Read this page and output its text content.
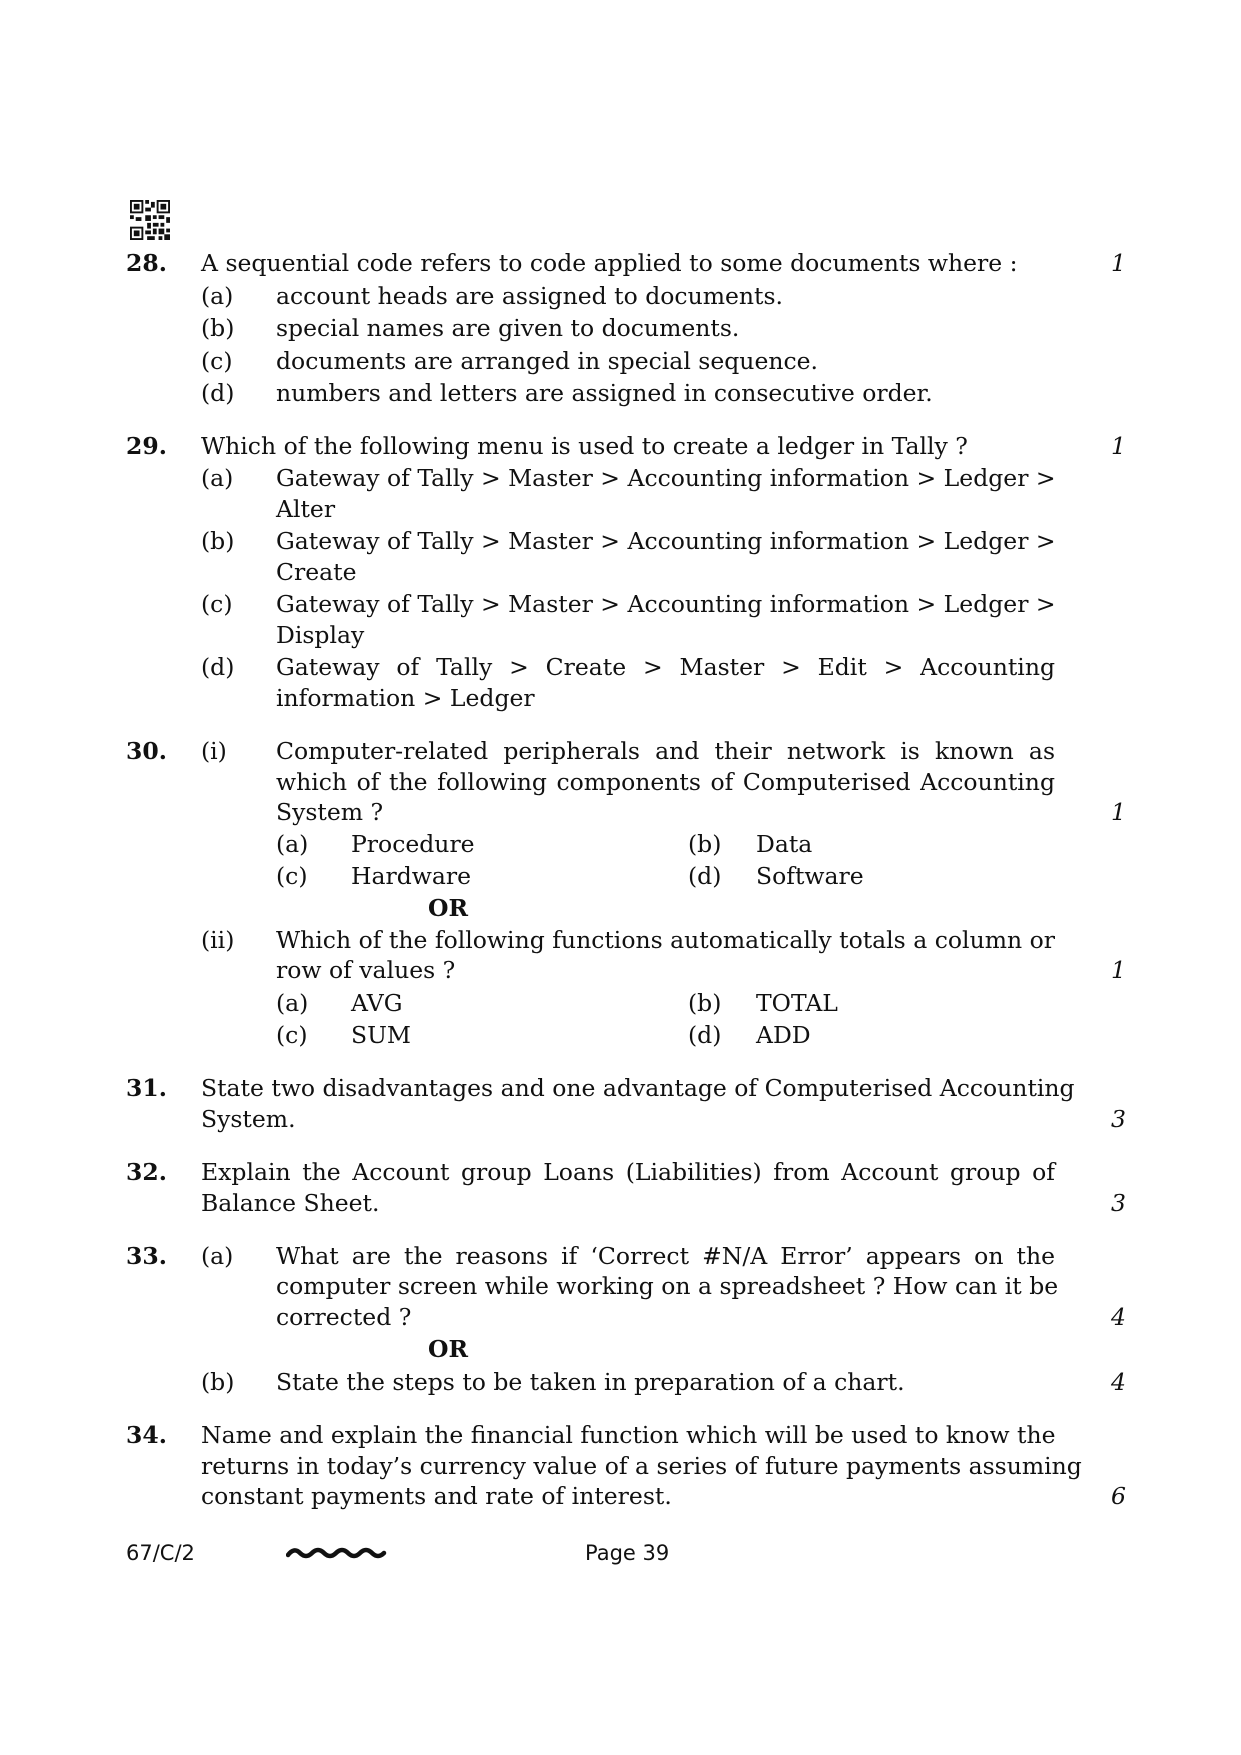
28. A sequential code refers to code applied to some documents where :	1
(a) account heads are assigned to documents.
(b) special names are given to documents.
(c) documents are arranged in special sequence.
(d) numbers and letters are assigned in consecutive order.
29. Which of the following menu is used to create a ledger in Tally ?	1
(a) Gateway of Tally > Master > Accounting information > Ledger >
Alter
(b) Gateway of Tally > Master > Accounting information > Ledger >
Create
(c) Gateway of Tally > Master > Accounting information > Ledger >
Display
(d) Gateway of Tally > Create > Master > Edit > Accounting
information > Ledger
30. (i) Computer-related peripherals and their network is known as
which of the following components of Computerised Accounting
System ?	1
(a) Procedure	(b) Data
(c) Hardware	(d) Software
OR
(ii) Which of the following functions automatically totals a column or
row of values ?	1
(a) AVG	(b) TOTAL
(c) SUM	(d) ADD
31. State two disadvantages and one advantage of Computerised Accounting
System.	3
32. Explain the Account group Loans (Liabilities) from Account group of
Balance Sheet.	3
33. (a) What are the reasons if ‘Correct #N/A Error’ appears on the
computer screen while working on a spreadsheet ? How can it be
corrected ?	4
OR
(b) State the steps to be taken in preparation of a chart.	4
34. Name and explain the financial function which will be used to know the
returns in today’s currency value of a series of future payments assuming
constant payments and rate of interest.	6
67/C/2	Page 39
